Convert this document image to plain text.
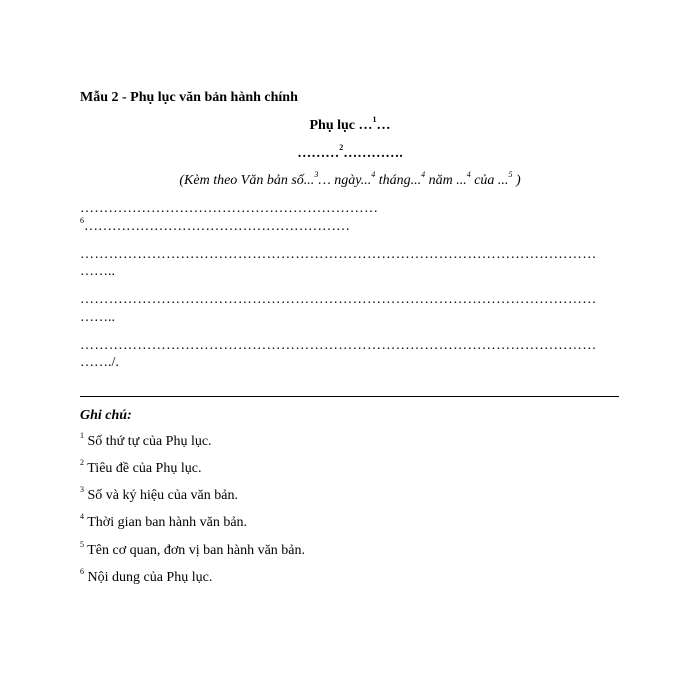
Mẫu 2 - Phụ lục văn bản hành chính
Phụ lục …$^1$…
………$^2$………….
(Kèm theo Văn bản số...$^3$… ngày...$^4$ tháng...$^4$ năm ...$^4$ của ...$^5$ )
………………………………………………………
$^6$…………………………………………………
………………………………………………………………………………………………
……..
………………………………………………………………………………………………
……..
………………………………………………………………………………………………
……./.
Ghi chú:
$^1$ Số thứ tự của Phụ lục.
$^2$ Tiêu đề của Phụ lục.
$^3$ Số và ký hiệu của văn bản.
$^4$ Thời gian ban hành văn bản.
$^5$ Tên cơ quan, đơn vị ban hành văn bản.
$^6$ Nội dung của Phụ lục.
